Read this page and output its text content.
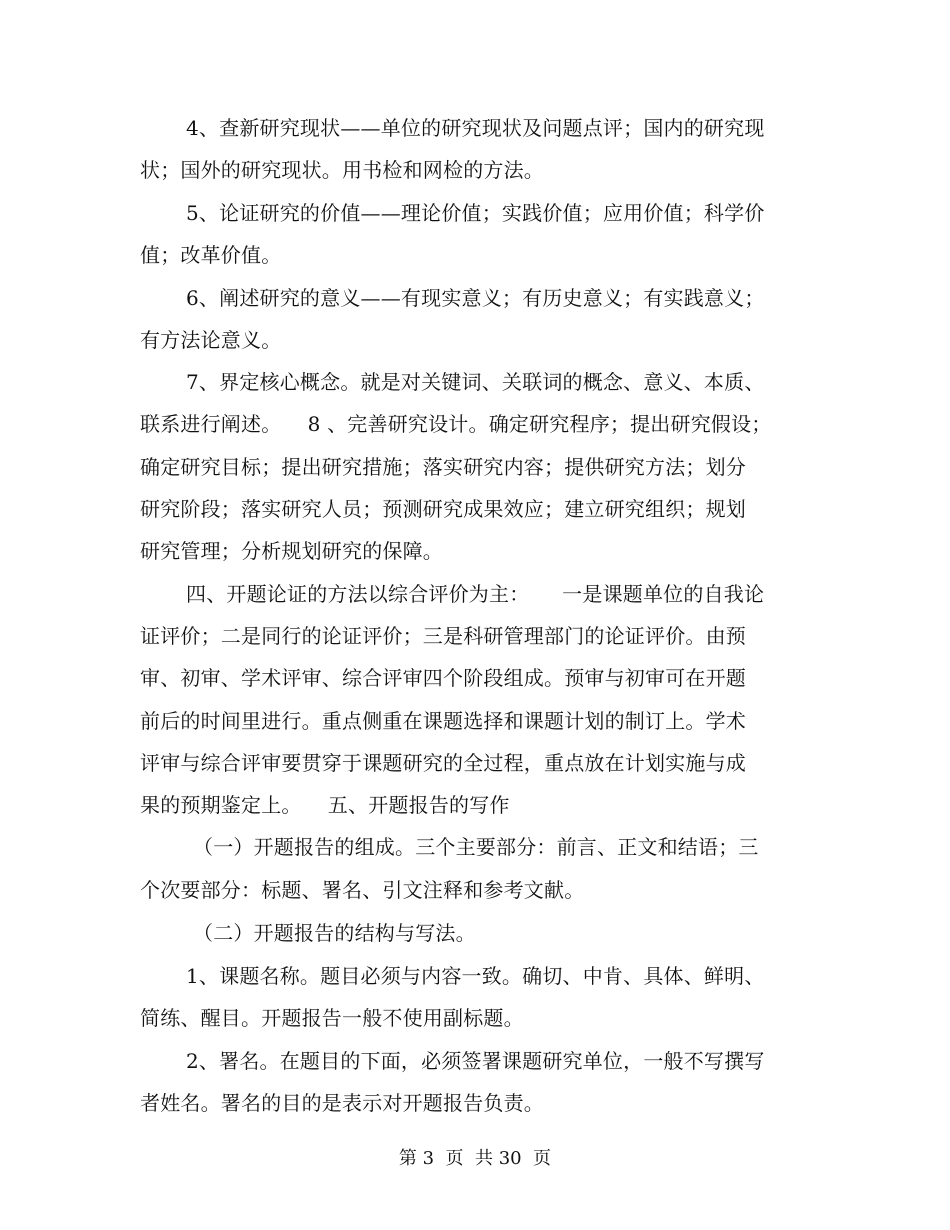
4、查新研究现状——单位的研究现状及问题点评；国内的研究现
状；国外的研究现状。用书检和网检的方法。
5、论证研究的价值——理论价值；实践价值；应用价值；科学价
值；改革价值。
6、阐述研究的意义——有现实意义；有历史意义；有实践意义；
有方法论意义。
7、界定核心概念。就是对关键词、关联词的概念、意义、本质、
联系进行阐述。    8 、完善研究设计。确定研究程序；提出研究假设；
确定研究目标；提出研究措施；落实研究内容；提供研究方法；划分
研究阶段；落实研究人员；预测研究成果效应；建立研究组织；规划
研究管理；分析规划研究的保障。
四、开题论证的方法以综合评价为主：     一是课题单位的自我论
证评价；二是同行的论证评价；三是科研管理部门的论证评价。由预
审、初审、学术评审、综合评审四个阶段组成。预审与初审可在开题
前后的时间里进行。重点侧重在课题选择和课题计划的制订上。学术
评审与综合评审要贯穿于课题研究的全过程，重点放在计划实施与成
果的预期鉴定上。    五、开题报告的写作
（一）开题报告的组成。三个主要部分：前言、正文和结语；三
个次要部分：标题、署名、引文注释和参考文献。
（二）开题报告的结构与写法。
1、课题名称。题目必须与内容一致。确切、中肯、具体、鲜明、
简练、醒目。开题报告一般不使用副标题。
2、署名。在题目的下面，必须签署课题研究单位，一般不写撰写
者姓名。署名的目的是表示对开题报告负责。
第 3  页  共 30  页
